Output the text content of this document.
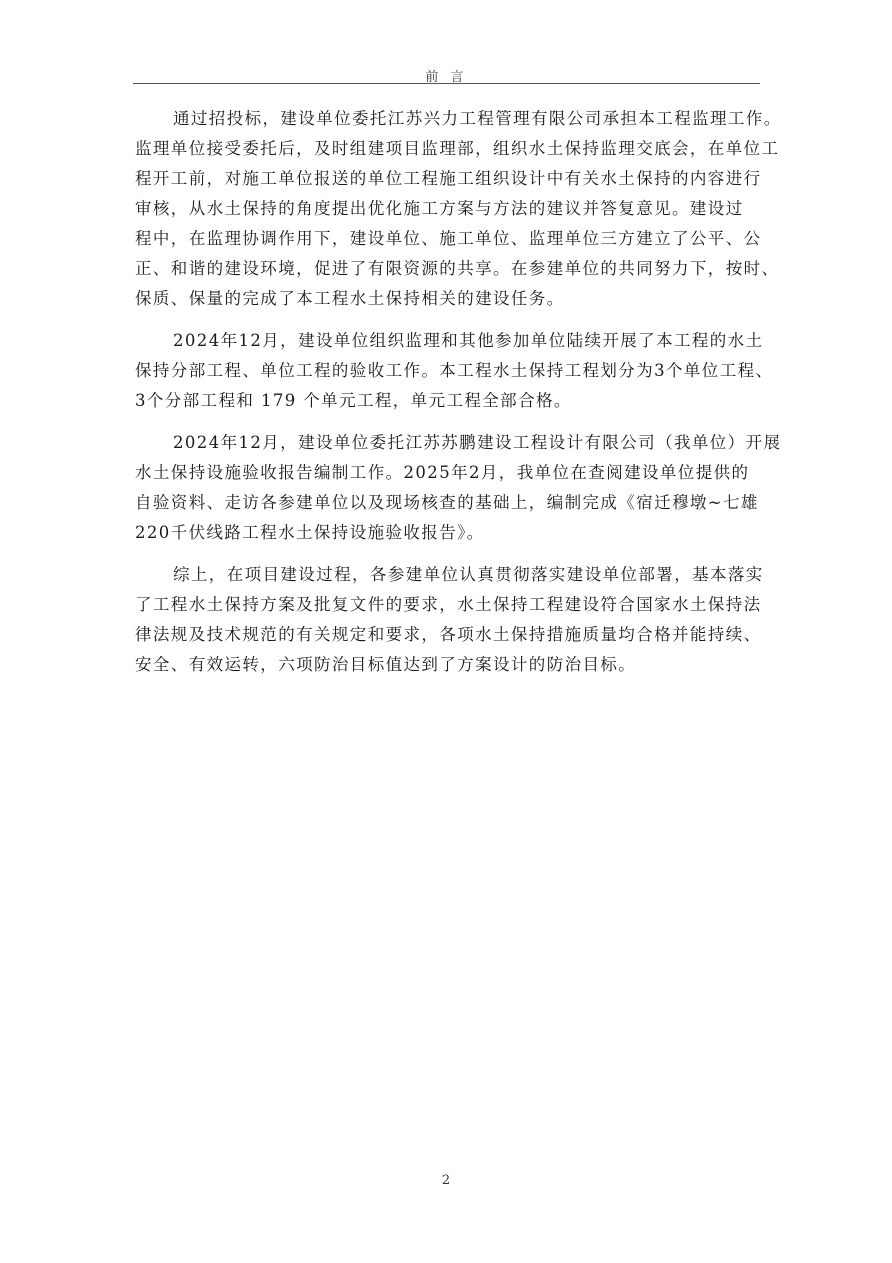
前 言

通过招投标，建设单位委托江苏兴力工程管理有限公司承担本工程监理工作。
监理单位接受委托后，及时组建项目监理部，组织水土保持监理交底会，在单位工
程开工前，对施工单位报送的单位工程施工组织设计中有关水土保持的内容进行
审核，从水土保持的角度提出优化施工方案与方法的建议并答复意见。建设过
程中，在监理协调作用下，建设单位、施工单位、监理单位三方建立了公平、公
正、和谐的建设环境，促进了有限资源的共享。在参建单位的共同努力下，按时、
保质、保量的完成了本工程水土保持相关的建设任务。

2024年12月，建设单位组织监理和其他参加单位陆续开展了本工程的水土
保持分部工程、单位工程的验收工作。本工程水土保持工程划分为3个单位工程、
3个分部工程和 179 个单元工程，单元工程全部合格。

2024年12月，建设单位委托江苏苏鹏建设工程设计有限公司（我单位）开展
水土保持设施验收报告编制工作。2025年2月，我单位在查阅建设单位提供的
自验资料、走访各参建单位以及现场核查的基础上，编制完成《宿迁穆墩~七雄
220千伏线路工程水土保持设施验收报告》。

综上，在项目建设过程，各参建单位认真贯彻落实建设单位部署，基本落实
了工程水土保持方案及批复文件的要求，水土保持工程建设符合国家水土保持法
律法规及技术规范的有关规定和要求，各项水土保持措施质量均合格并能持续、
安全、有效运转，六项防治目标值达到了方案设计的防治目标。

2
